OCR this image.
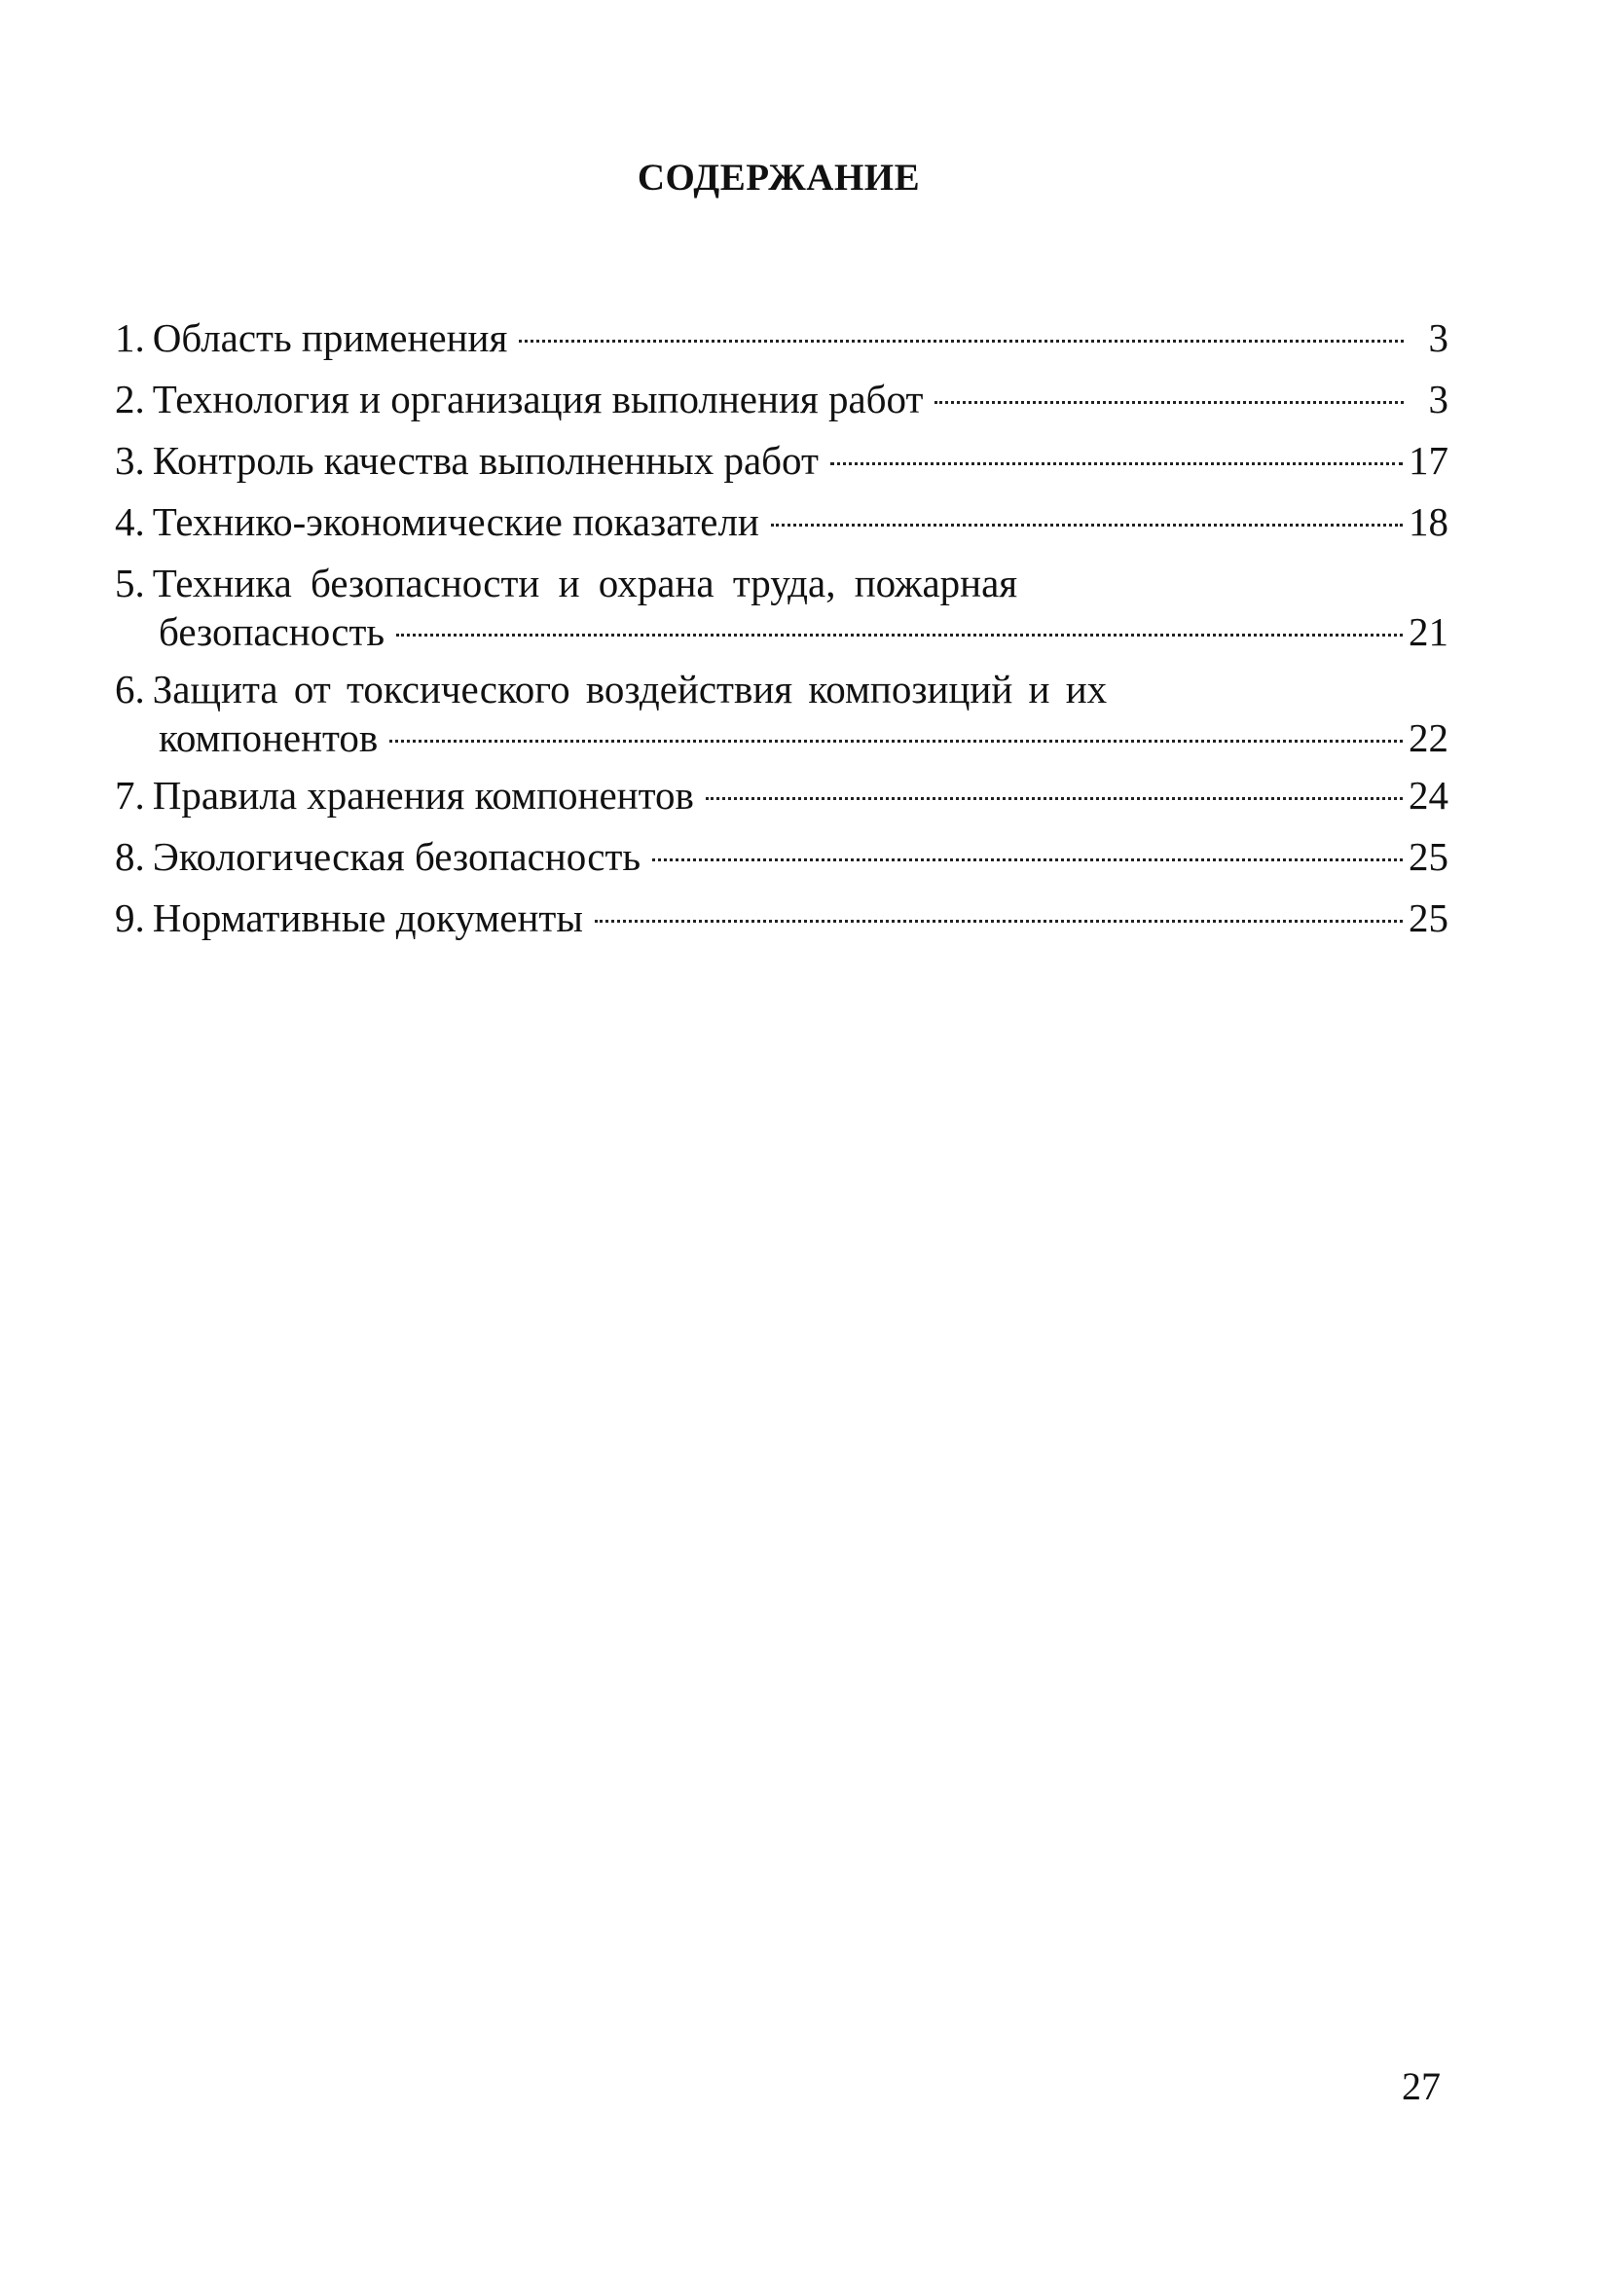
СОДЕРЖАНИЕ
1. Область применения	3
2. Технология и организация выполнения работ	3
3. Контроль качества выполненных работ	17
4. Технико-экономические показатели	18
5. Техника безопасности и охрана труда, пожарная
безопасность	21
6. Защита от токсического воздействия композиций и их
компонентов	22
7. Правила хранения компонентов	24
8. Экологическая безопасность	25
9. Нормативные документы	25
27
